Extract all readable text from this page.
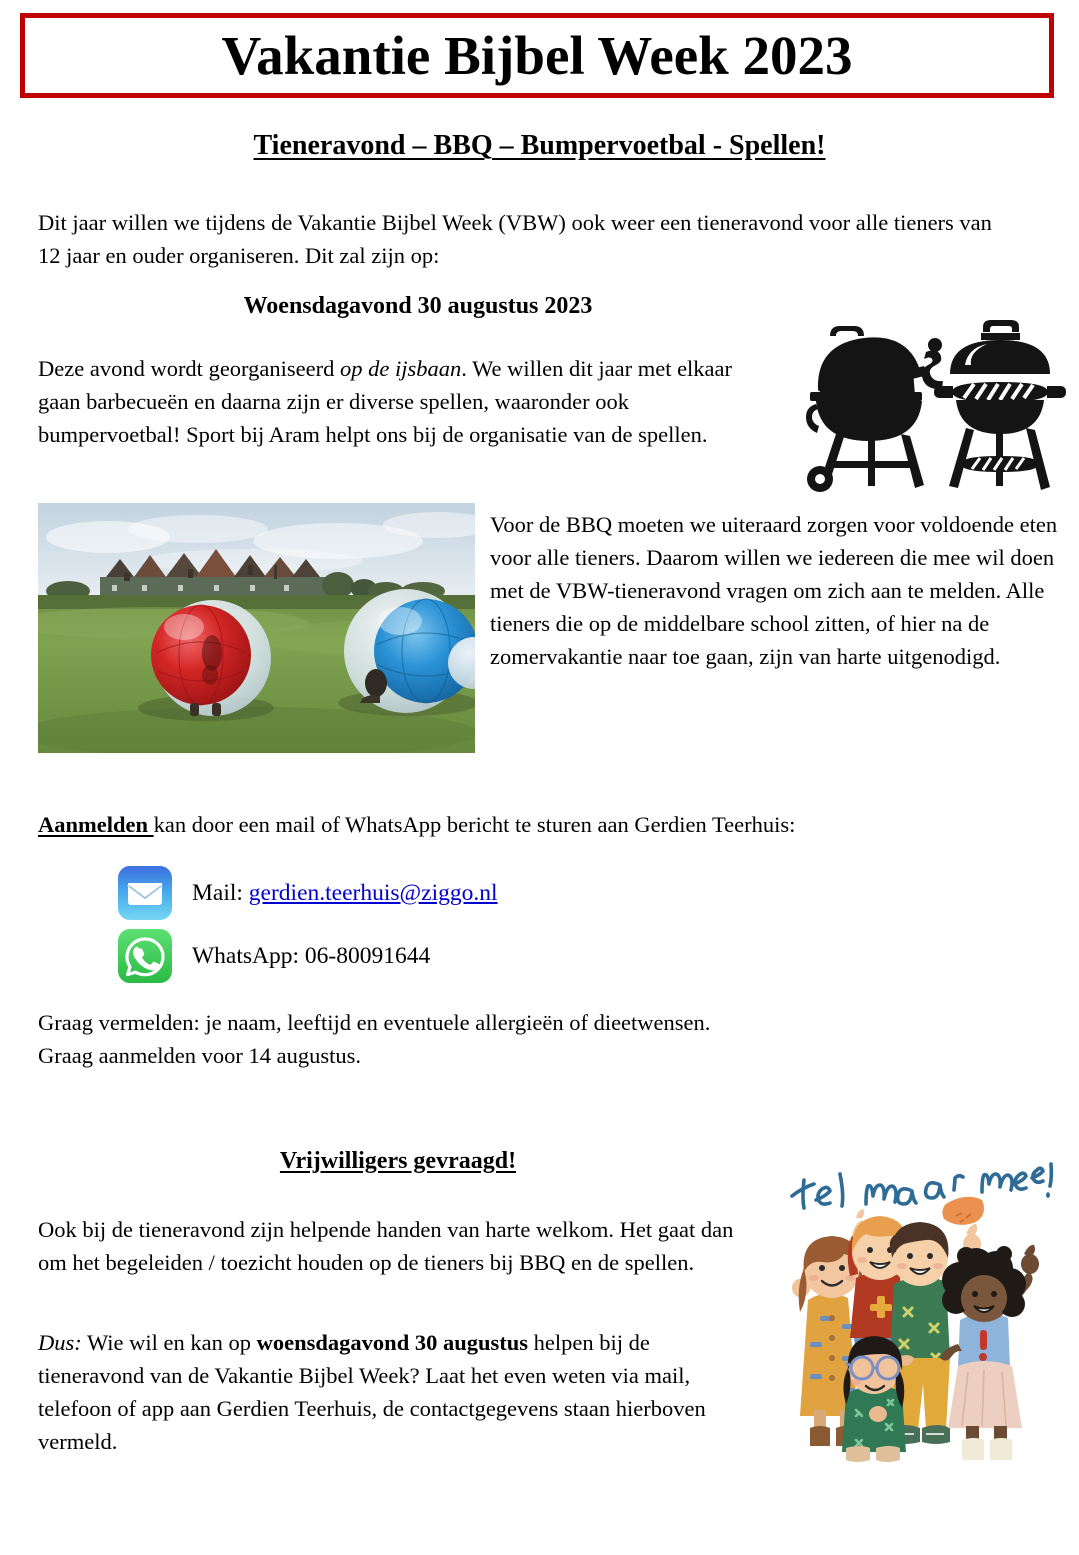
Vakantie Bijbel Week 2023
Tieneravond – BBQ – Bumpervoetbal - Spellen!
Dit jaar willen we tijdens de Vakantie Bijbel Week (VBW) ook weer een tieneravond voor alle tieners van 12 jaar en ouder organiseren. Dit zal zijn op:
Woensdagavond 30 augustus 2023
Deze avond wordt georganiseerd op de ijsbaan. We willen dit jaar met elkaar gaan barbecueën en daarna zijn er diverse spellen, waaronder ook bumpervoetbal! Sport bij Aram helpt ons bij de organisatie van de spellen.
Voor de BBQ moeten we uiteraard zorgen voor voldoende eten voor alle tieners. Daarom willen we iedereen die mee wil doen met de VBW-tieneravond vragen om zich aan te melden. Alle tieners die op de middelbare school zitten, of hier na de zomervakantie naar toe gaan, zijn van harte uitgenodigd.
Aanmelden kan door een mail of WhatsApp bericht te sturen aan Gerdien Teerhuis:
Mail: gerdien.teerhuis@ziggo.nl
WhatsApp: 06-80091644
Graag vermelden: je naam, leeftijd en eventuele allergieën of dieetwensen.
Graag aanmelden voor 14 augustus.
Vrijwilligers gevraagd!
Ook bij de tieneravond zijn helpende handen van harte welkom. Het gaat dan om het begeleiden / toezicht houden op de tieners bij BBQ en de spellen.
Dus: Wie wil en kan op woensdagavond 30 augustus helpen bij de tieneravond van de Vakantie Bijbel Week? Laat het even weten via mail, telefoon of app aan Gerdien Teerhuis, de contactgegevens staan hierboven vermeld.
